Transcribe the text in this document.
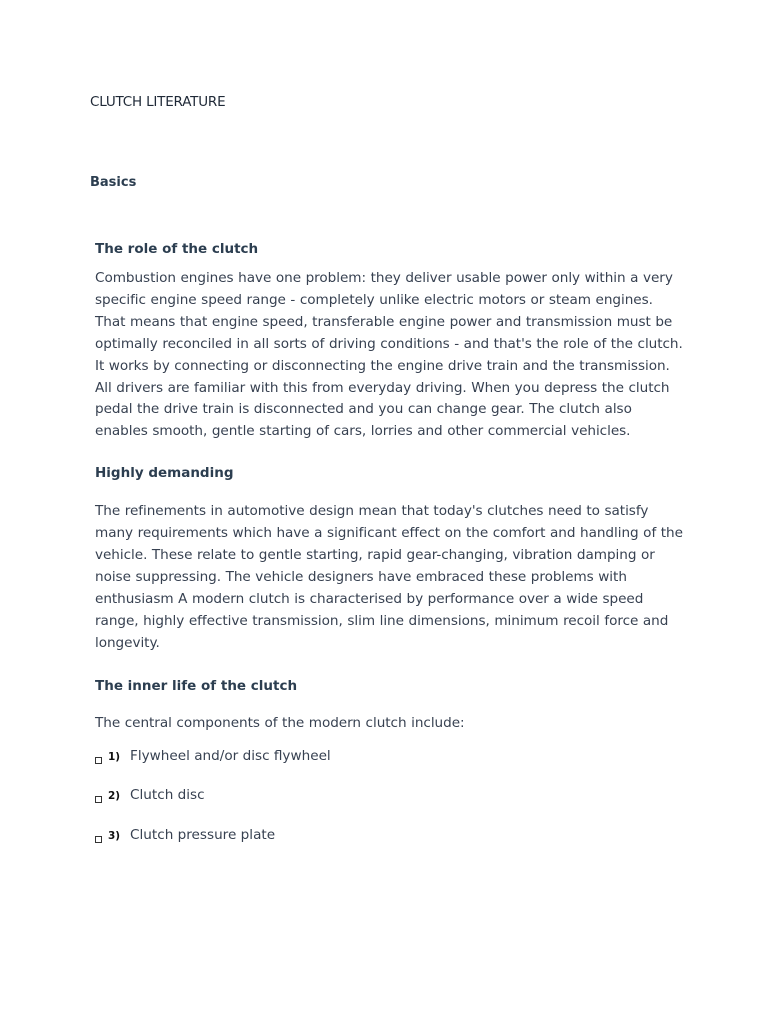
CLUTCH LITERATURE
Basics

The role of the clutch

Combustion engines have one problem: they deliver usable power only within a very specific engine speed range - completely unlike electric motors or steam engines. That means that engine speed, transferable engine power and transmission must be optimally reconciled in all sorts of driving conditions - and that's the role of the clutch. It works by connecting or disconnecting the engine drive train and the transmission. All drivers are familiar with this from everyday driving. When you depress the clutch pedal the drive train is disconnected and you can change gear. The clutch also enables smooth, gentle starting of cars, lorries and other commercial vehicles.

Highly demanding

The refinements in automotive design mean that today's clutches need to satisfy many requirements which have a significant effect on the comfort and handling of the vehicle. These relate to gentle starting, rapid gear-changing, vibration damping or noise suppressing. The vehicle designers have embraced these problems with enthusiasm A modern clutch is characterised by performance over a wide speed range, highly effective transmission, slim line dimensions, minimum recoil force and longevity.

The inner life of the clutch

The central components of the modern clutch include:

1) Flywheel and/or disc flywheel
2) Clutch disc
3) Clutch pressure plate
